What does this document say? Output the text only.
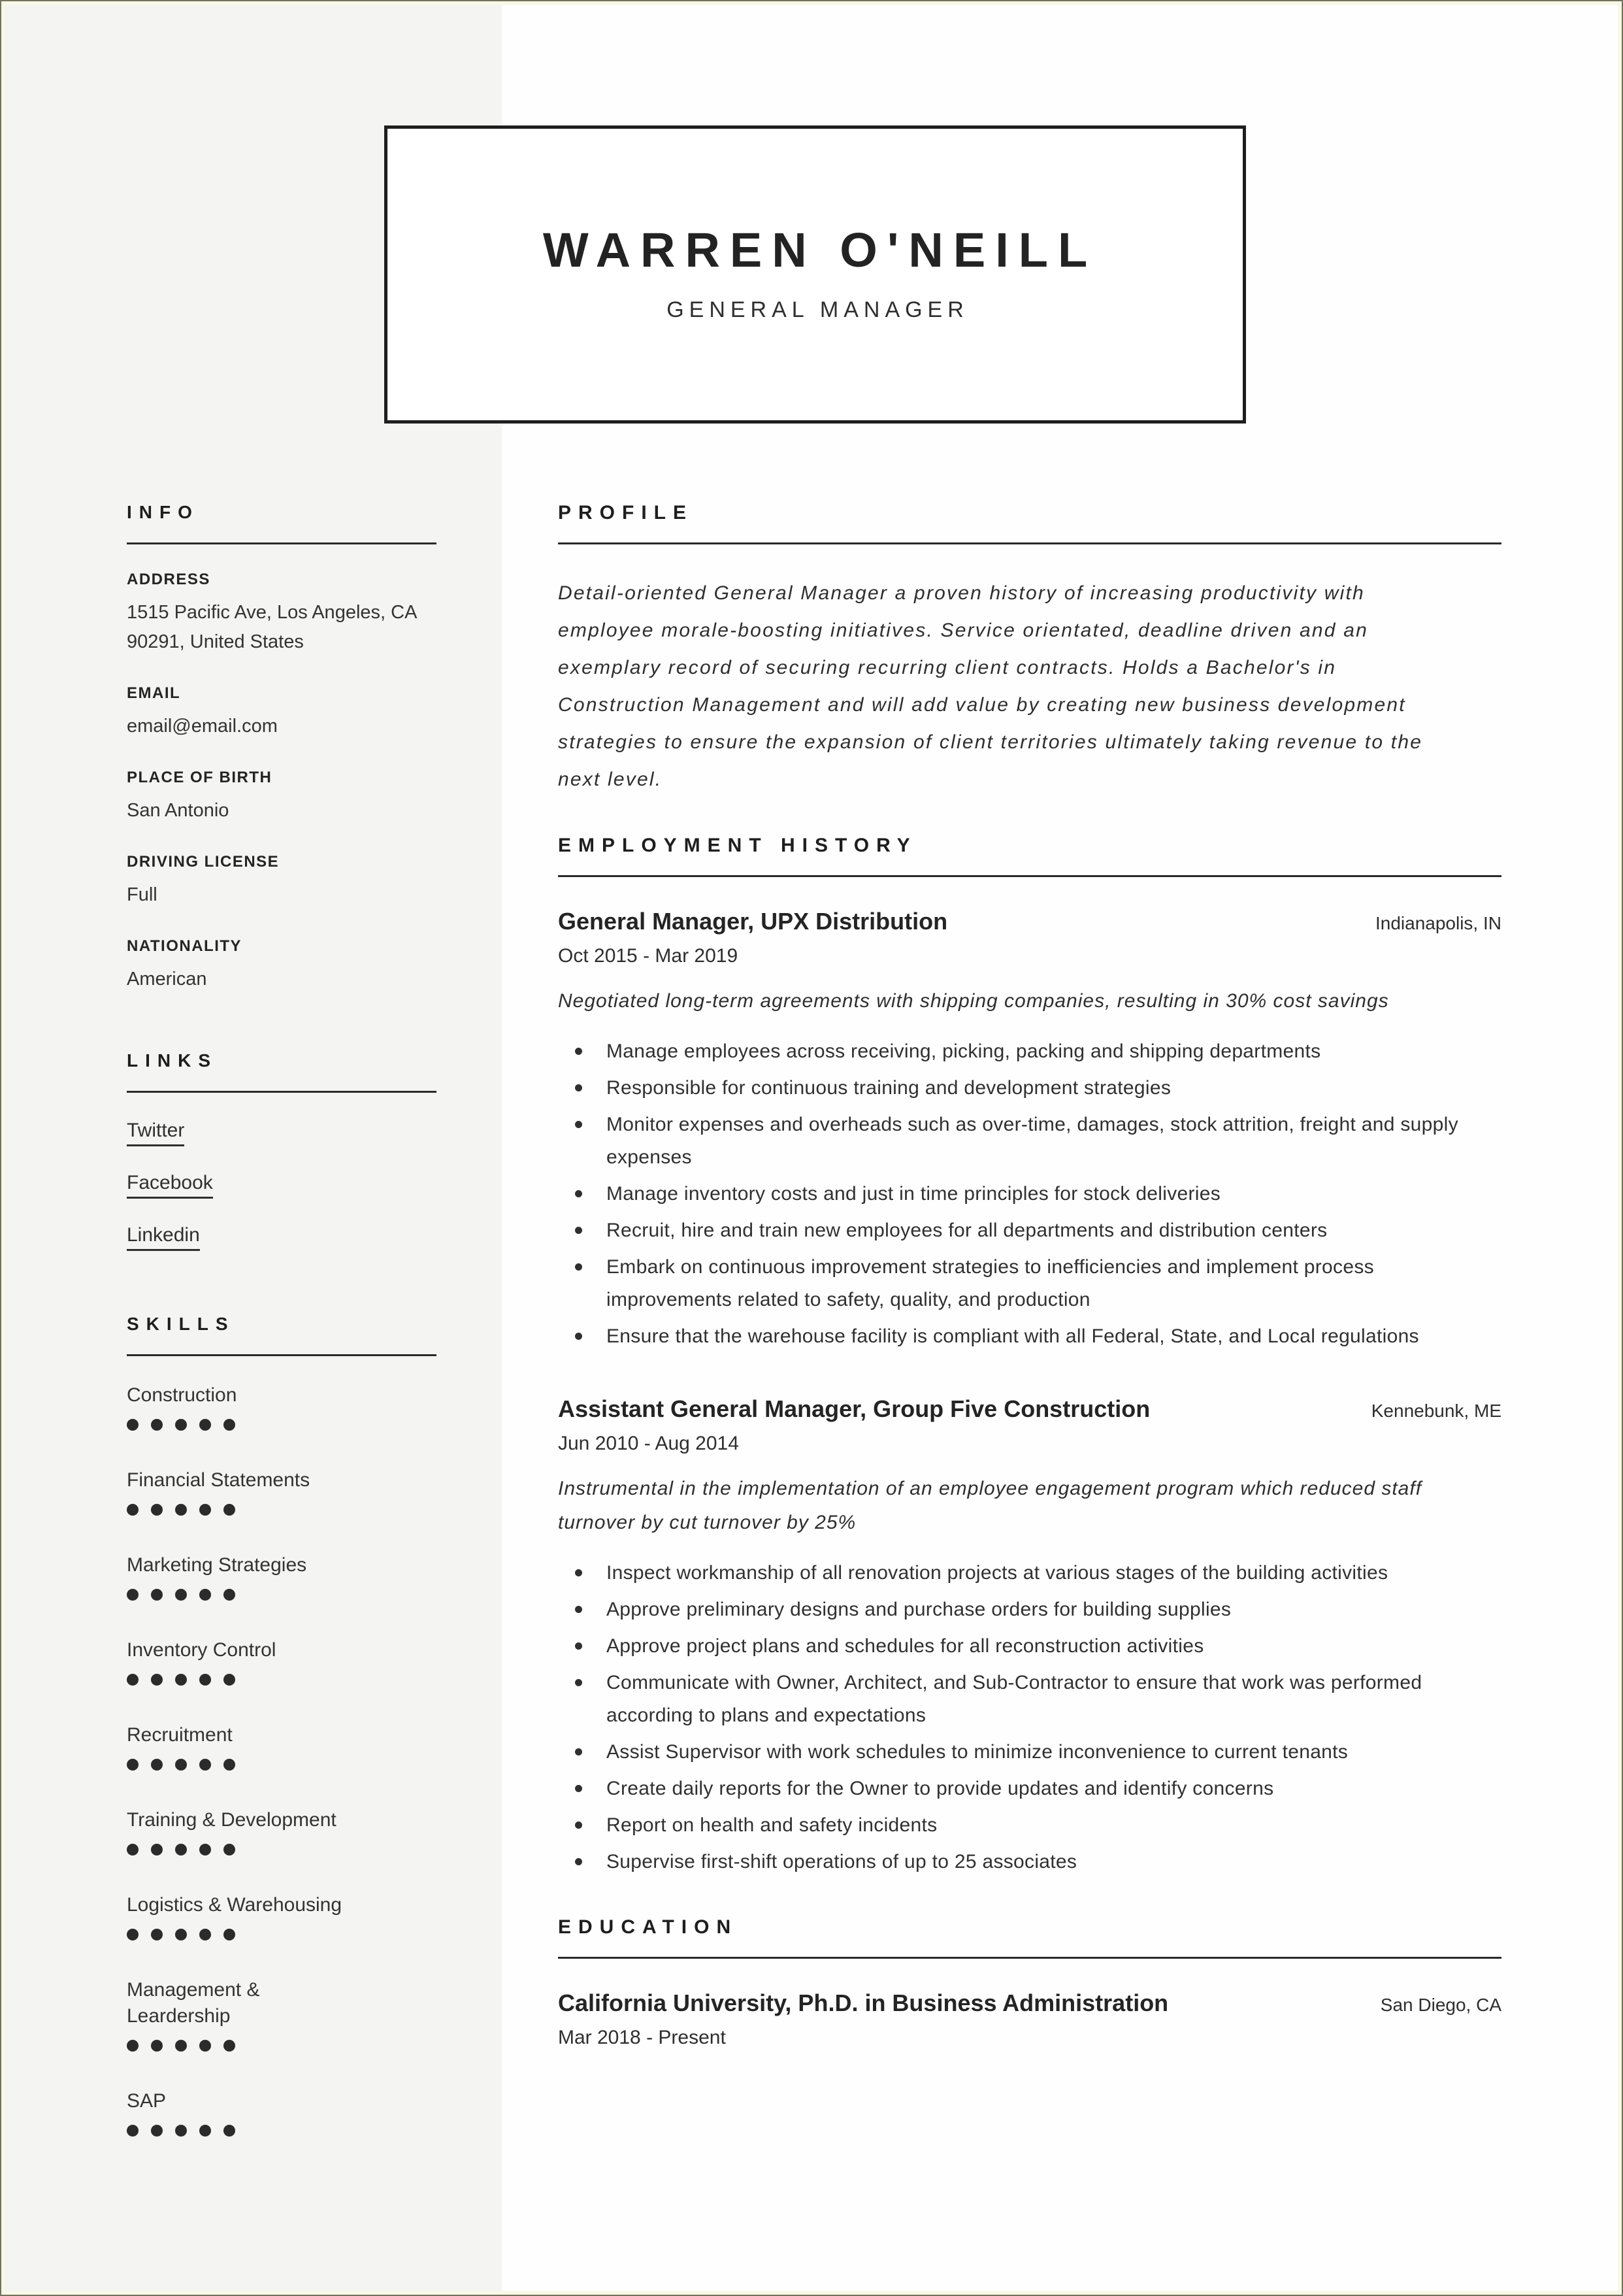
WARREN O'NEILL
GENERAL MANAGER
INFO
ADDRESS
1515 Pacific Ave, Los Angeles, CA 90291, United States
EMAIL
email@email.com
PLACE OF BIRTH
San Antonio
DRIVING LICENSE
Full
NATIONALITY
American
LINKS
Twitter
Facebook
Linkedin
SKILLS
Construction
Financial Statements
Marketing Strategies
Inventory Control
Recruitment
Training & Development
Logistics & Warehousing
Management & Leardership
SAP
PROFILE

Detail-oriented General Manager a proven history of increasing productivity with employee morale-boosting initiatives. Service orientated, deadline driven and an exemplary record of securing recurring client contracts. Holds a Bachelor's in Construction Management and will add value by creating new business development strategies to ensure the expansion of client territories ultimately taking revenue to the next level.

EMPLOYMENT HISTORY
General Manager, UPX Distribution	Indianapolis, IN
Oct 2015 - Mar 2019

Negotiated long-term agreements with shipping companies, resulting in 30% cost savings

Manage employees across receiving, picking, packing and shipping departments
Responsible for continuous training and development strategies
Monitor expenses and overheads such as over-time, damages, stock attrition, freight and supply expenses
Manage inventory costs and just in time principles for stock deliveries
Recruit, hire and train new employees for all departments and distribution centers
Embark on continuous improvement strategies to inefficiencies and implement process improvements related to safety, quality, and production
Ensure that the warehouse facility is compliant with all Federal, State, and Local regulations
Assistant General Manager, Group Five Construction	Kennebunk, ME
Jun 2010 - Aug 2014

Instrumental in the implementation of an employee engagement program which reduced staff turnover by cut turnover by 25%

Inspect workmanship of all renovation projects at various stages of the building activities
Approve preliminary designs and purchase orders for building supplies
Approve project plans and schedules for all reconstruction activities
Communicate with Owner, Architect, and Sub-Contractor to ensure that work was performed according to plans and expectations
Assist Supervisor with work schedules to minimize inconvenience to current tenants
Create daily reports for the Owner to provide updates and identify concerns
Report on health and safety incidents
Supervise first-shift operations of up to 25 associates
EDUCATION
California University, Ph.D. in Business Administration	San Diego, CA
Mar 2018 - Present
